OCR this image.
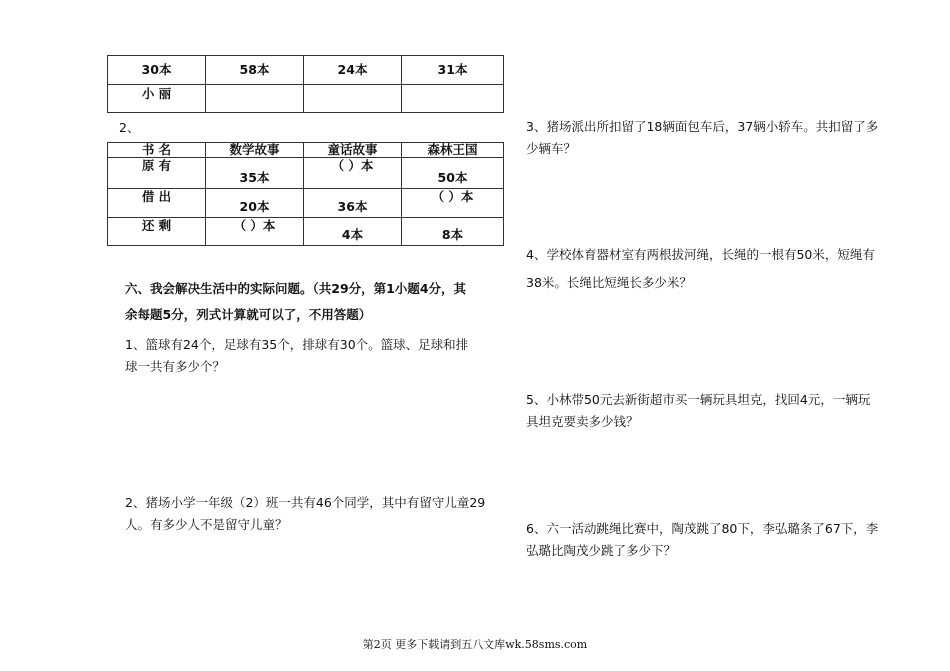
30本	58本	24本	31本
小 丽			
2、
书 名	数学故事	童话故事	森林王国
原 有	35本	（ ）本	50本
借 出	20本	36本	（ ）本
还 剩	（ ）本	4本	8本
六、我会解决生活中的实际问题。（共29分，第1小题4分，其
余每题5分，列式计算就可以了，不用答题）
1、篮球有24个，足球有35个，排球有30个。篮球、足球和排
球一共有多少个？
2、猪场小学一年级（2）班一共有46个同学，其中有留守儿童29
人。有多少人不是留守儿童？
3、猪场派出所扣留了18辆面包车后，37辆小轿车。共扣留了多
少辆车？
4、学校体育器材室有两根拔河绳，长绳的一根有50米，短绳有
38米。长绳比短绳长多少米？
5、小林带50元去新街超市买一辆玩具坦克，找回4元，一辆玩
具坦克要卖多少钱？
6、六一活动跳绳比赛中，陶茂跳了80下，李弘璐条了67下，李
弘璐比陶茂少跳了多少下？
第2页 更多下载请到五八文库wk.58sms.com
